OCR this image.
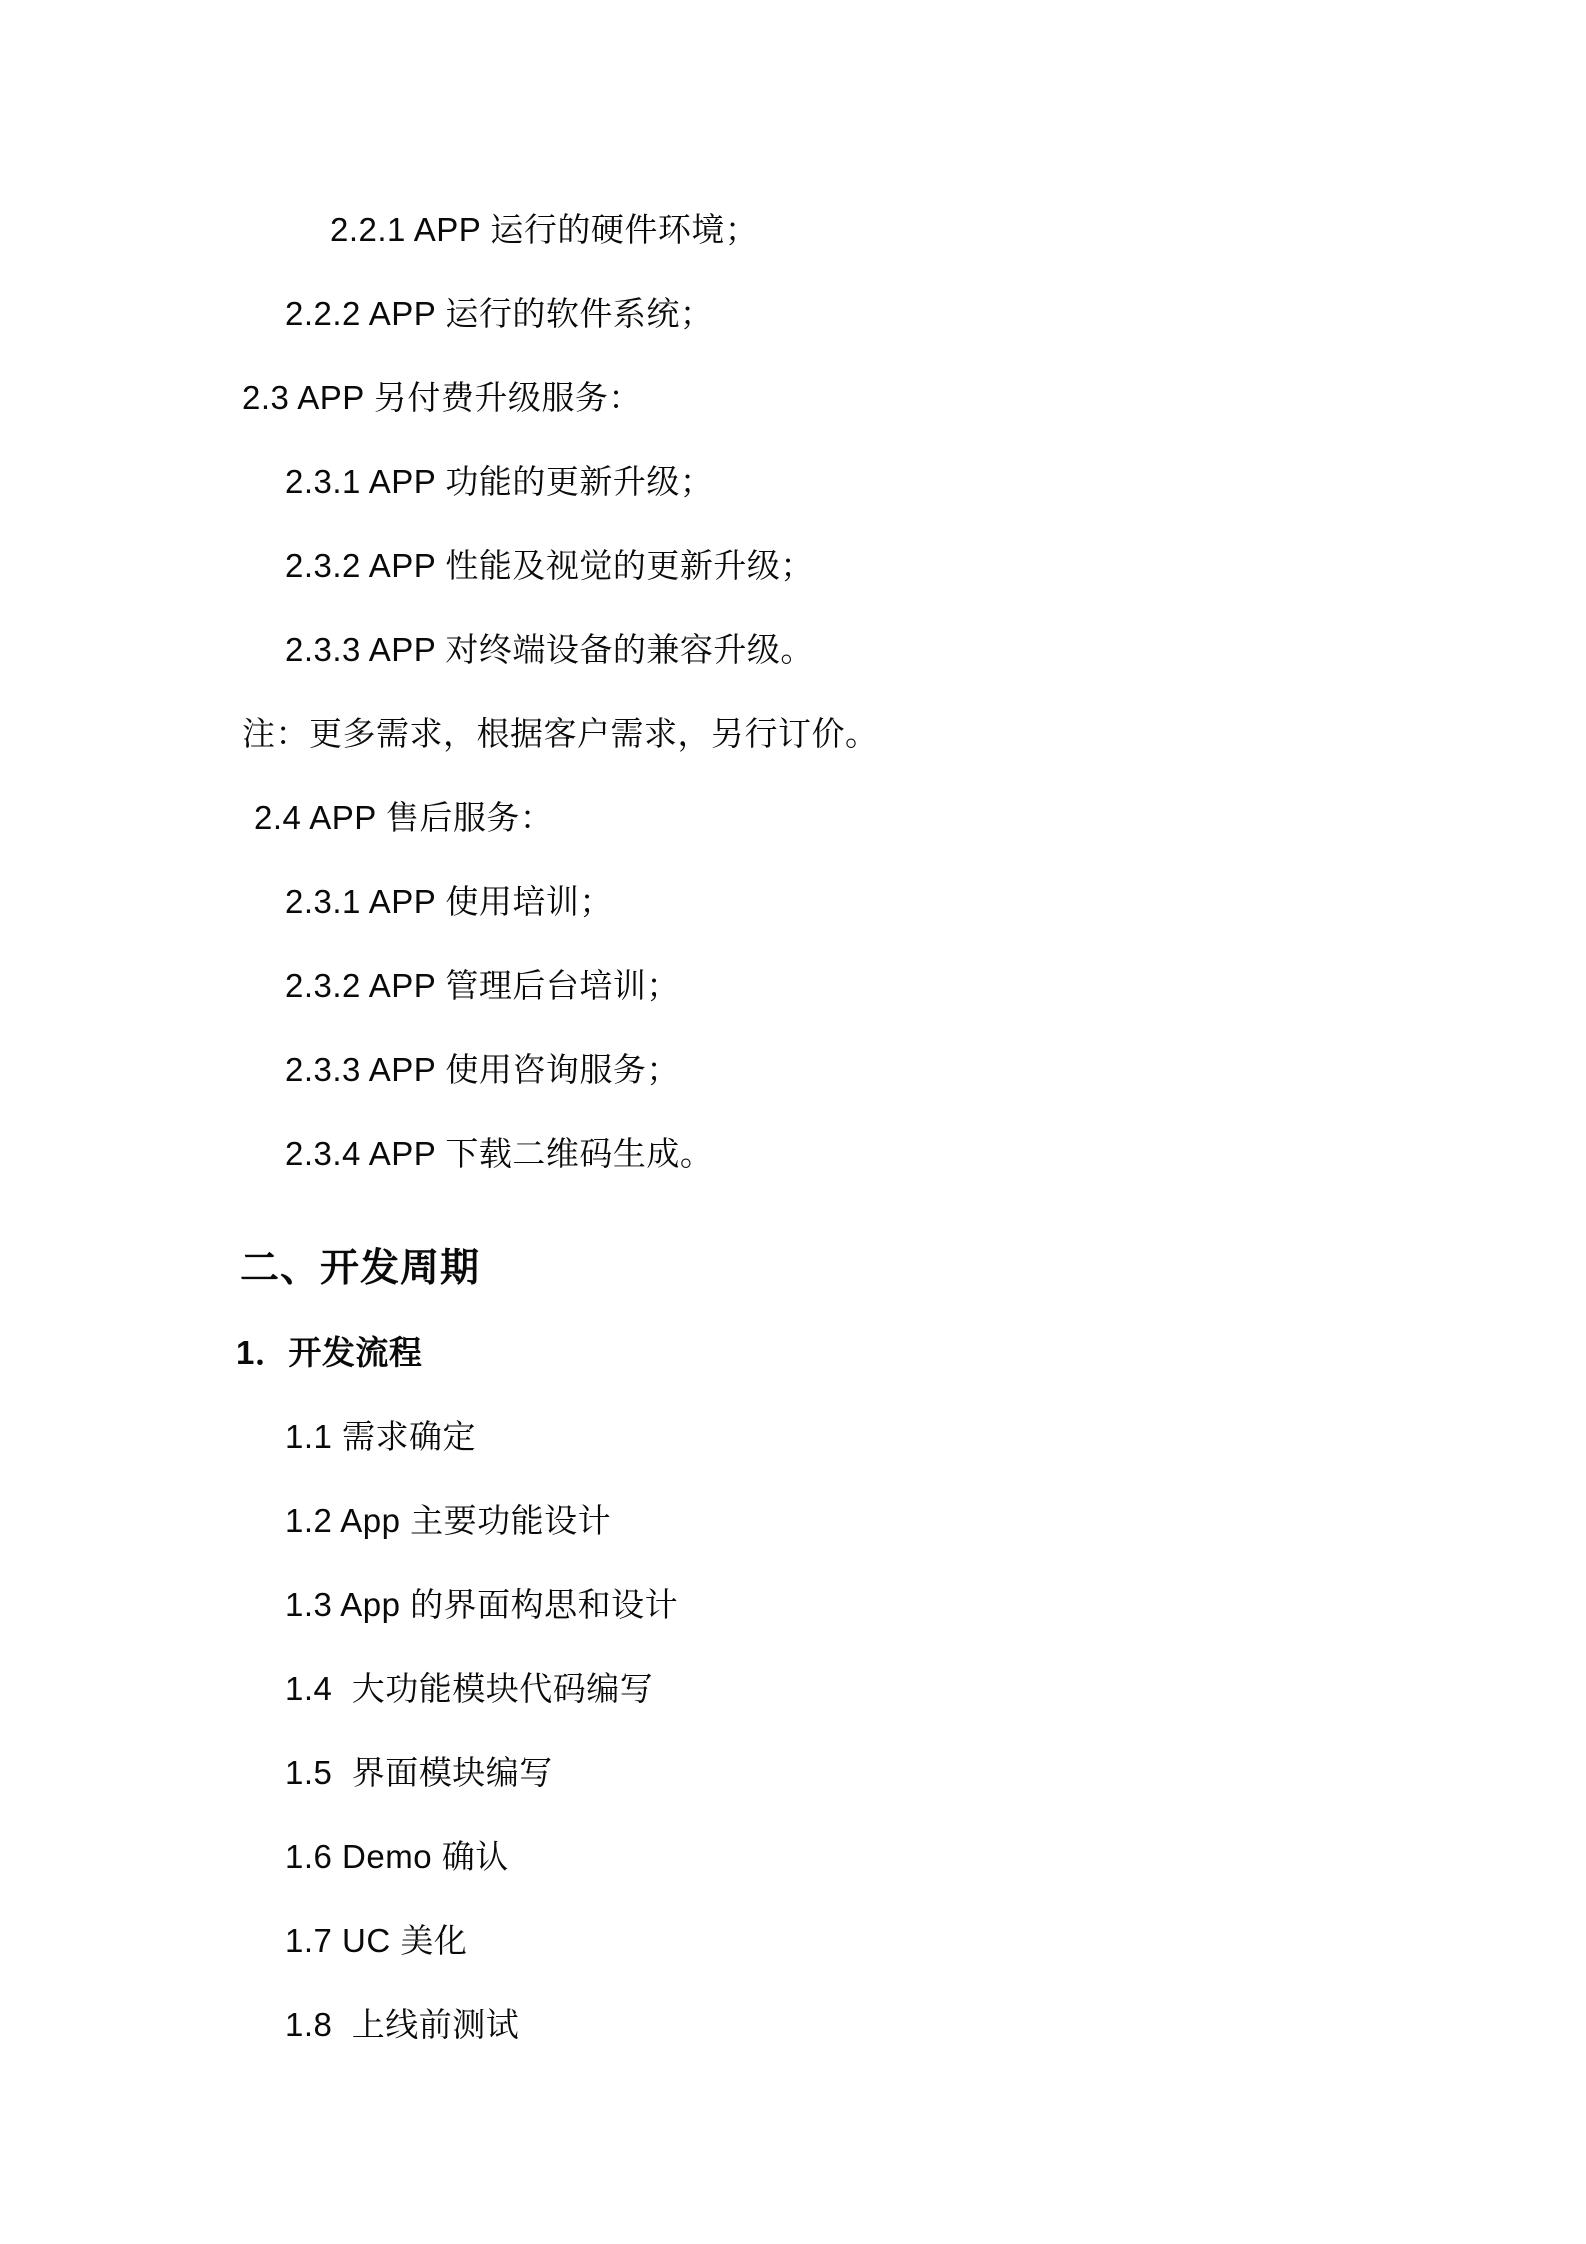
2.2.1 APP 运行的硬件环境；
2.2.2 APP 运行的软件系统；
2.3 APP 另付费升级服务：
2.3.1 APP 功能的更新升级；
2.3.2 APP 性能及视觉的更新升级；
2.3.3 APP 对终端设备的兼容升级。
注：更多需求，根据客户需求，另行订价。
2.4 APP 售后服务：
2.3.1 APP 使用培训；
2.3.2 APP 管理后台培训；
2.3.3 APP 使用咨询服务；
2.3.4 APP 下载二维码生成。
二、开发周期
1．开发流程
1.1 需求确定
1.2 App 主要功能设计
1.3 App 的界面构思和设计
1.4  大功能模块代码编写
1.5  界面模块编写
1.6 Demo 确认
1.7 UC 美化
1.8  上线前测试
